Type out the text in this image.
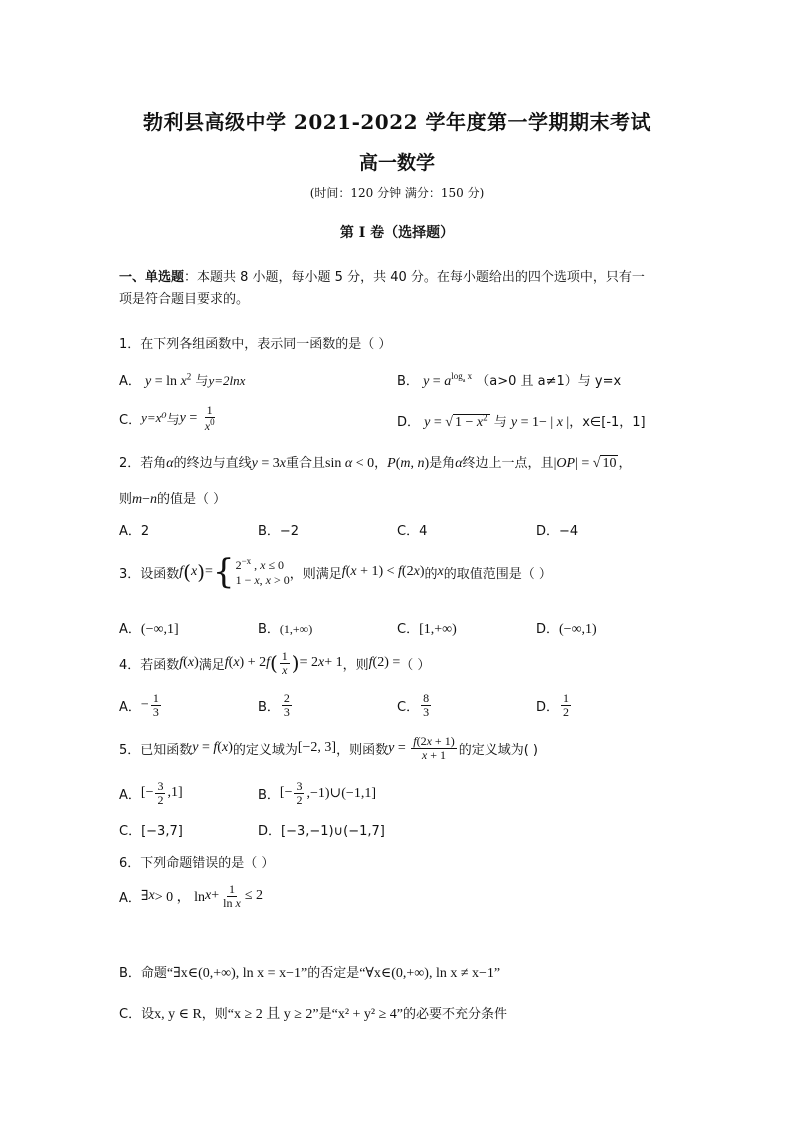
勃利县高级中学 2021-2022 学年度第一学期期末考试
高一数学
(时间：120 分钟 满分：150 分)
第 I 卷（选择题）
一、单选题：本题共 8 小题，每小题 5 分，共 40 分。在每小题给出的四个选项中，只有一
项是符合题目要求的。
1．在下列各组函数中，表示同一函数的是（ ）
A． $y = \ln x^2$ 与y=2lnx	B． $y = a^{log_a x}$ （a>0 且 a≠1）与 y=x
C． y=x⁰ 与 $y = \frac{1}{x^0}$	D． y = √ $1 - x^2$ 与 y = 1− | x |，x∈[-1，1]
2．若角α的终边与直线y = 3x重合且sin α < 0，P(m, n)是角α终边上一点，且|OP| = √ 10 ，
则m−n的值是（ ）
A．2	B．−2	C．4	D．−4
3．设函数 f ( x ) = { $2^{-x}$ , x ≤ 0
1 − x, x > 0 ，则满足 f(x + 1) < f(2x) 的 x 的取值范围是（ ）
A．(−∞,1]	B．(1,+∞)	C．[1,+∞)	D．(−∞,1)
4．若函数 f(x) 满足 f ( x ) + 2 f ( $\frac{1}{x}$ ) = 2 x + 1 ，则 f(2) = （ ）
A． − $\frac{1}{3}$	B． $\frac{2}{3}$	C． $\frac{8}{3}$	D． $\frac{1}{2}$
5．已知函数 y = f(x) 的定义域为 [−2, 3] ，则函数 $y = \frac{f(2x + 1)}{x + 1}$ 的定义域为( )
A． [− $\frac{3}{2} ,1$]	B． [− $\frac{3}{2}$ ,−1)∪(−1,1]
C．[−3,7]	D．[−3,−1)∪(−1,7]
6．下列命题错误的是（ ）
A． ∃ x > 0 ， $\ln x + \frac{1}{\text{ln x}} \le 2$
B．命题“∃x∈(0,+∞), ln x = x−1”的否定是“∀x∈(0,+∞), ln x ≠ x−1”
C．设x, y ∈ R，则“x ≥ 2 且 y ≥ 2”是“x² + y² ≥ 4”的必要不充分条件
